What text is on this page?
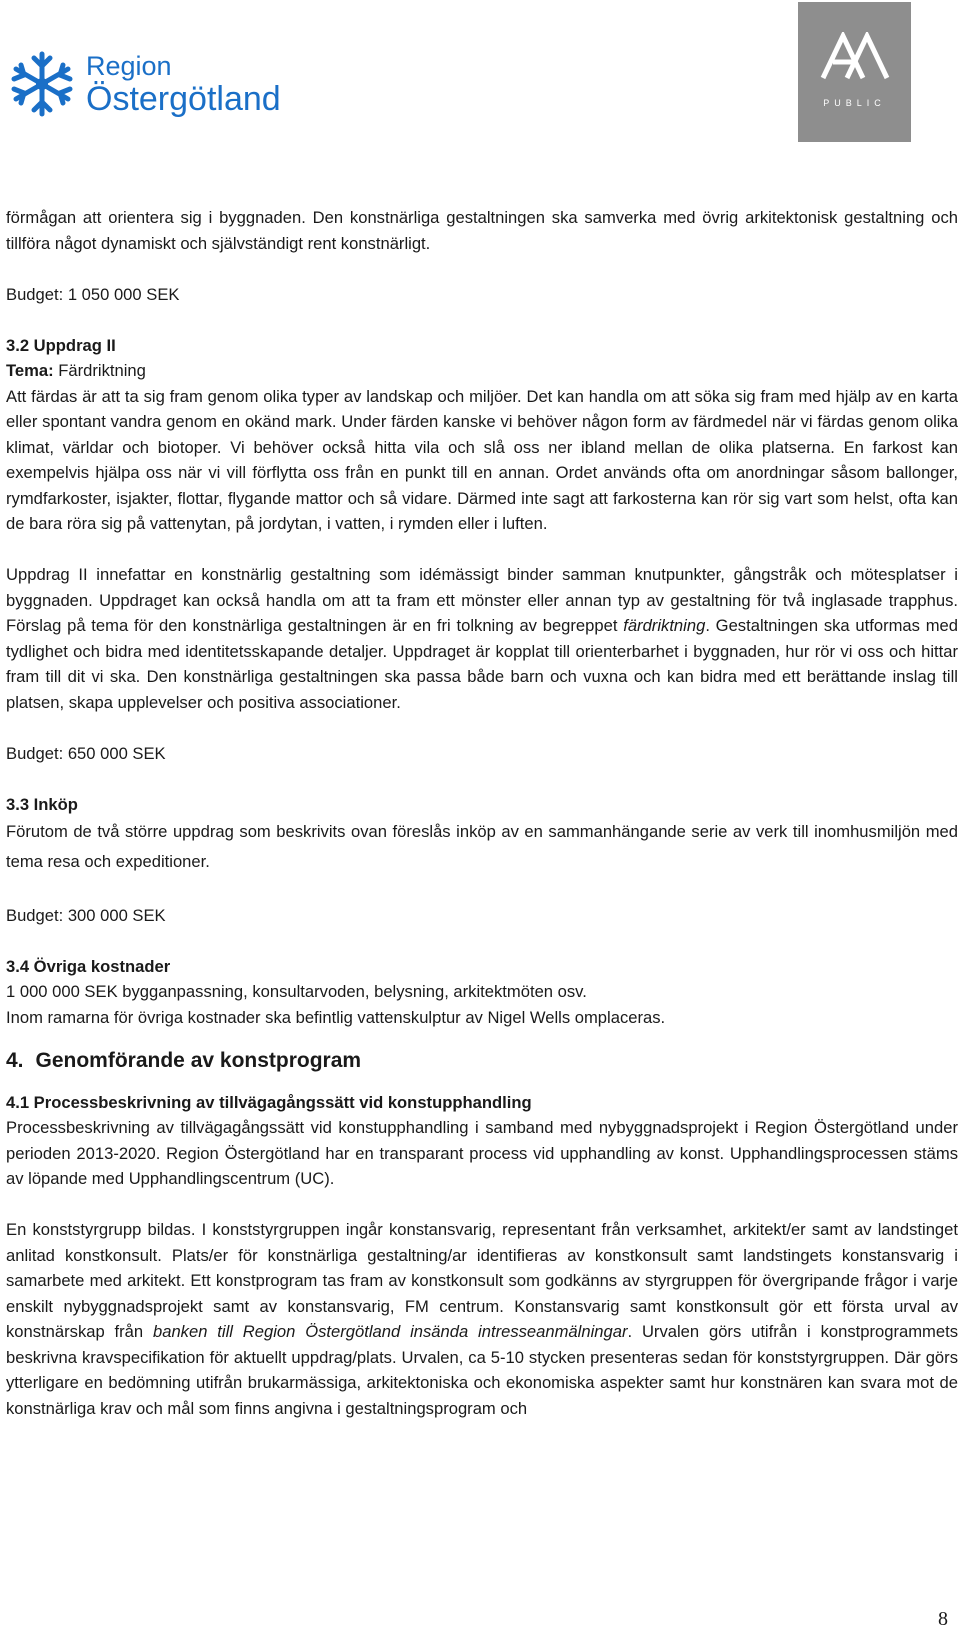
Region
Östergötland	PUBLIC

förmågan att orientera sig i byggnaden. Den konstnärliga gestaltningen ska samverka med övrig arkitektonisk gestaltning och tillföra något dynamiskt och självständigt rent konstnärligt.

Budget: 1 050 000 SEK

3.2 Uppdrag II

Tema: Färdriktning

Att färdas är att ta sig fram genom olika typer av landskap och miljöer. Det kan handla om att söka sig fram med hjälp av en karta eller spontant vandra genom en okänd mark. Under färden kanske vi behöver någon form av färdmedel när vi färdas genom olika klimat, världar och biotoper. Vi behöver också hitta vila och slå oss ner ibland mellan de olika platserna. En farkost kan exempelvis hjälpa oss när vi vill förflytta oss från en punkt till en annan. Ordet används ofta om anordningar såsom ballonger, rymdfarkoster, isjakter, flottar, flygande mattor och så vidare. Därmed inte sagt att farkosterna kan rör sig vart som helst, ofta kan de bara röra sig på vattenytan, på jordytan, i vatten, i rymden eller i luften.

Uppdrag II innefattar en konstnärlig gestaltning som idémässigt binder samman knutpunkter, gångstråk och mötesplatser i byggnaden. Uppdraget kan också handla om att ta fram ett mönster eller annan typ av gestaltning för två inglasade trapphus. Förslag på tema för den konstnärliga gestaltningen är en fri tolkning av begreppet färdriktning. Gestaltningen ska utformas med tydlighet och bidra med identitetsskapande detaljer. Uppdraget är kopplat till orienterbarhet i byggnaden, hur rör vi oss och hittar fram till dit vi ska. Den konstnärliga gestaltningen ska passa både barn och vuxna och kan bidra med ett berättande inslag till platsen, skapa upplevelser och positiva associationer.

Budget: 650 000 SEK

3.3 Inköp

Förutom de två större uppdrag som beskrivits ovan föreslås inköp av en sammanhängande serie av verk till inomhusmiljön med tema resa och expeditioner.

Budget: 300 000 SEK

3.4 Övriga kostnader

1 000 000 SEK bygganpassning, konsultarvoden, belysning, arkitektmöten osv.

Inom ramarna för övriga kostnader ska befintlig vattenskulptur av Nigel Wells omplaceras.

4. Genomförande av konstprogram

4.1 Processbeskrivning av tillvägagångssätt vid konstupphandling

Processbeskrivning av tillvägagångssätt vid konstupphandling i samband med nybyggnadsprojekt i Region Östergötland under perioden 2013-2020. Region Östergötland har en transparant process vid upphandling av konst. Upphandlingsprocessen stäms av löpande med Upphandlingscentrum (UC).

En konststyrgrupp bildas. I konststyrgruppen ingår konstansvarig, representant från verksamhet, arkitekt/er samt av landstinget anlitad konstkonsult. Plats/er för konstnärliga gestaltning/ar identifieras av konstkonsult samt landstingets konstansvarig i samarbete med arkitekt. Ett konstprogram tas fram av konstkonsult som godkänns av styrgruppen för övergripande frågor i varje enskilt nybyggnadsprojekt samt av konstansvarig, FM centrum. Konstansvarig samt konstkonsult gör ett första urval av konstnärskap från banken till Region Östergötland insända intresseanmälningar. Urvalen görs utifrån i konstprogrammets beskrivna kravspecifikation för aktuellt uppdrag/plats. Urvalen, ca 5-10 stycken presenteras sedan för konststyrgruppen. Där görs ytterligare en bedömning utifrån brukarmässiga, arkitektoniska och ekonomiska aspekter samt hur konstnären kan svara mot de konstnärliga krav och mål som finns angivna i gestaltningsprogram och

8
